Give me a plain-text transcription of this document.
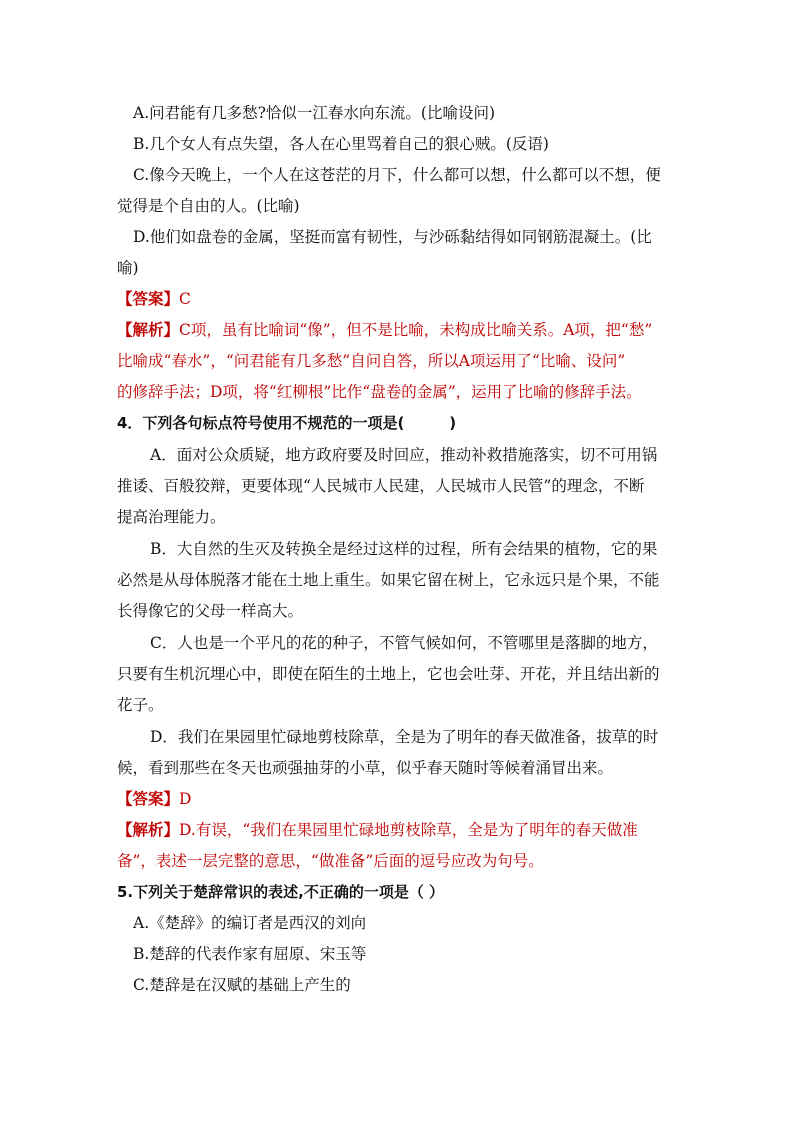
A.问君能有几多愁?恰似一江春水向东流。(比喻设问)
B.几个女人有点失望，各人在心里骂着自己的狠心贼。(反语)
C.像今天晚上，一个人在这苍茫的月下，什么都可以想，什么都可以不想，便
觉得是个自由的人。(比喻)
D.他们如盘卷的金属，坚挺而富有韧性，与沙砾黏结得如同钢筋混凝土。(比
喻)
【答案】C
【解析】C项，虽有比喻词“像”，但不是比喻，未构成比喻关系。A项，把“愁”
比喻成“春水”，“问君能有几多愁”自问自答，所以A项运用了“比喻、设问”
的修辞手法；D项，将“红柳根”比作“盘卷的金属”，运用了比喻的修辞手法。
4．下列各句标点符号使用不规范的一项是(　　　)
A．面对公众质疑，地方政府要及时回应，推动补救措施落实，切不可用锅
推诿、百般狡辩，更要体现“人民城市人民建，人民城市人民管”的理念，不断
提高治理能力。
B．大自然的生灭及转换全是经过这样的过程，所有会结果的植物，它的果
必然是从母体脱落才能在土地上重生。如果它留在树上，它永远只是个果，不能
长得像它的父母一样高大。
C．人也是一个平凡的花的种子，不管气候如何，不管哪里是落脚的地方，
只要有生机沉埋心中，即使在陌生的土地上，它也会吐芽、开花，并且结出新的
花子。
D．我们在果园里忙碌地剪枝除草，全是为了明年的春天做准备，拔草的时
候，看到那些在冬天也顽强抽芽的小草，似乎春天随时等候着涌冒出来。
【答案】D
【解析】D.有误，“我们在果园里忙碌地剪枝除草，全是为了明年的春天做准
备”，表述一层完整的意思，“做准备”后面的逗号应改为句号。
5.下列关于楚辞常识的表述,不正确的一项是（ ）
A.《楚辞》的编订者是西汉的刘向
B.楚辞的代表作家有屈原、宋玉等
C.楚辞是在汉赋的基础上产生的
